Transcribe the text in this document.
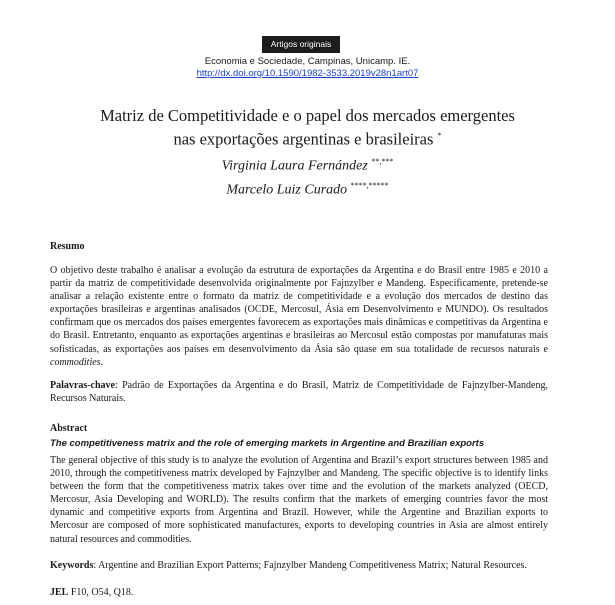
Artigos originais
Economia e Sociedade, Campinas, Unicamp. IE.
http://dx.doi.org/10.1590/1982-3533.2019v28n1art07
Matriz de Competitividade e o papel dos mercados emergentes
nas exportações argentinas e brasileiras *
Virginia Laura Fernández **,***
Marcelo Luiz Curado ****,*****
Resumo
O objetivo deste trabalho é analisar a evolução da estrutura de exportações da Argentina e do Brasil entre 1985 e 2010 a partir da matriz de competitividade desenvolvida originalmente por Fajnzylber e Mandeng. Especificamente, pretende-se analisar a relação existente entre o formato da matriz de competitividade e a evolução dos mercados de destino das exportações brasileiras e argentinas analisados (OCDE, Mercosul, Ásia em Desenvolvimento e MUNDO). Os resultados confirmam que os mercados dos países emergentes favorecem as exportações mais dinâmicas e competitivas da Argentina e do Brasil. Entretanto, enquanto as exportações argentinas e brasileiras ao Mercosul estão compostas por manufaturas mais sofisticadas, as exportações aos países em desenvolvimento da Ásia são quase em sua totalidade de recursos naturais e commodities.
Palavras-chave: Padrão de Exportações da Argentina e do Brasil, Matriz de Competitividade de Fajnzylber-Mandeng, Recursos Naturais.
Abstract
The competitiveness matrix and the role of emerging markets in Argentine and Brazilian exports
The general objective of this study is to analyze the evolution of Argentina and Brazil’s export structures between 1985 and 2010, through the competitiveness matrix developed by Fajnzylber and Mandeng. The specific objective is to identify links between the form that the competitiveness matrix takes over time and the evolution of the markets analyzed (OECD, Mercosur, Asia Developing and WORLD). The results confirm that the markets of emerging countries favor the most dynamic and competitive exports from Argentina and Brazil. However, while the Argentine and Brazilian exports to Mercosur are composed of more sophisticated manufactures, exports to developing countries in Asia are almost entirely natural resources and commodities.
Keywords: Argentine and Brazilian Export Patterns; Fajnzylber Mandeng Competitiveness Matrix; Natural Resources.
JEL F10, O54, Q18.
